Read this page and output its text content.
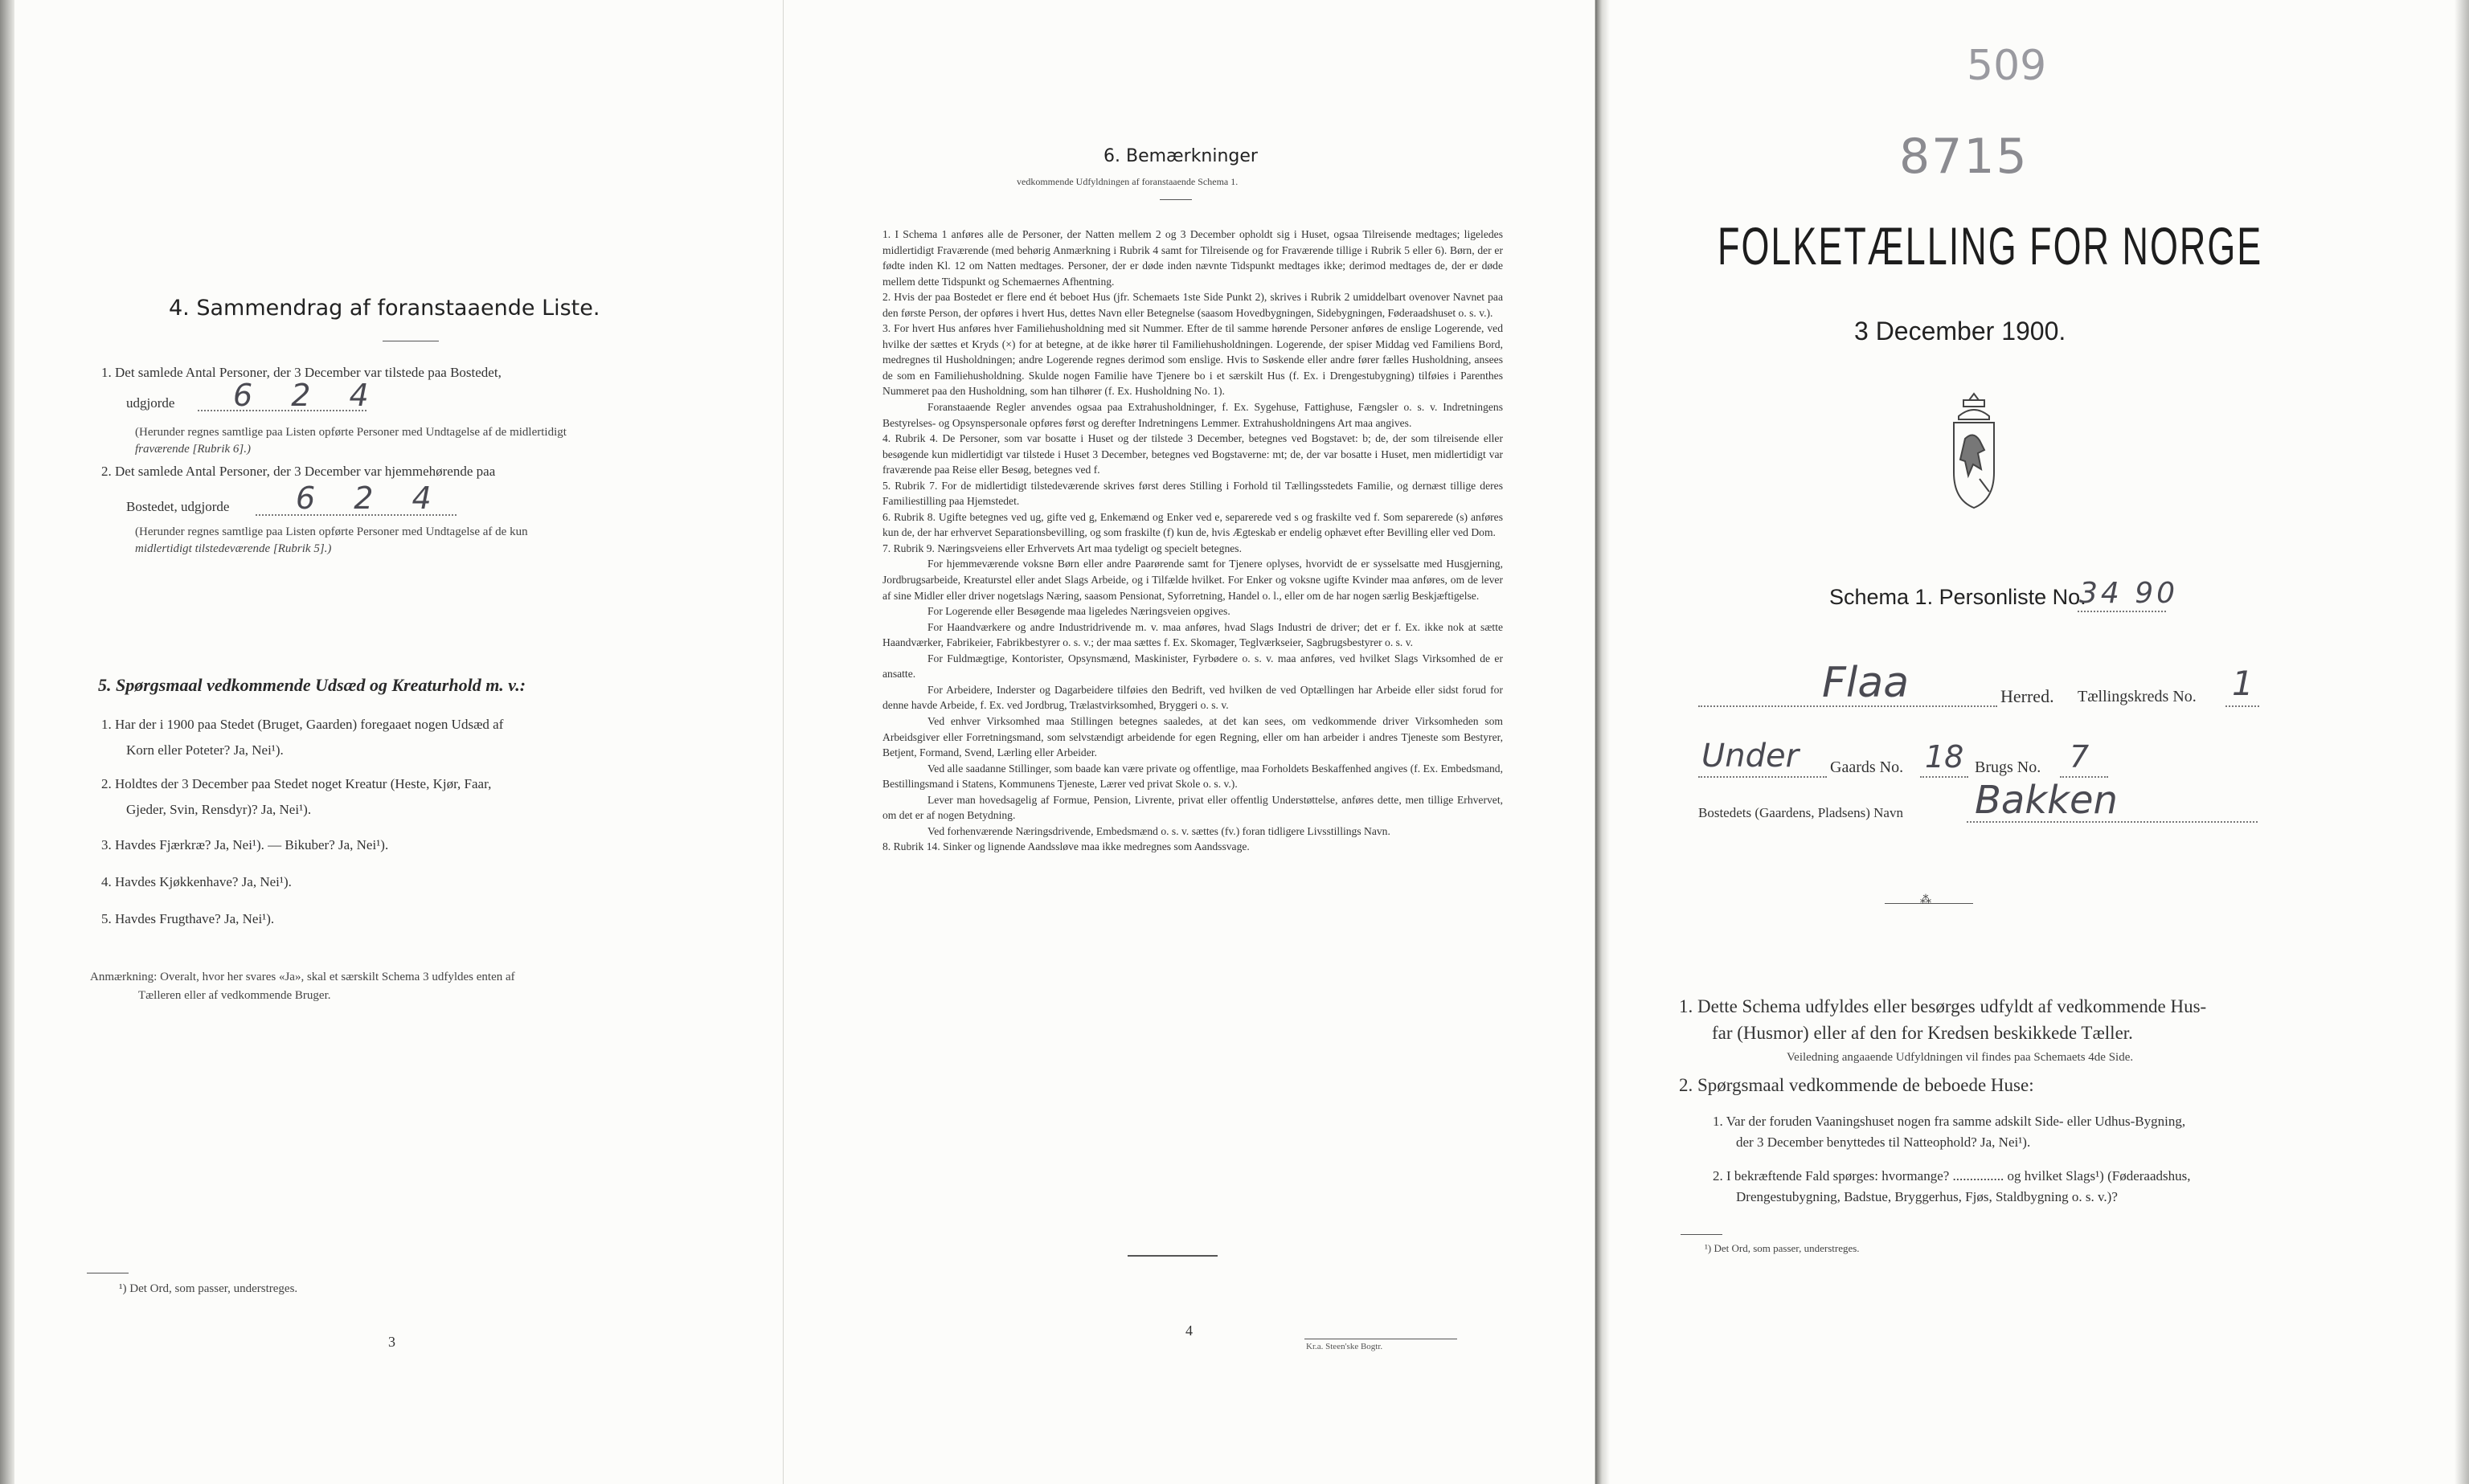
4. Sammendrag af foranstaaende Liste.
1. Det samlede Antal Personer, der 3 December var tilstede paa Bostedet,
udgjorde 6 2 4
(Herunder regnes samtlige paa Listen opførte Personer med Undtagelse af de midlertidigt
fraværende [Rubrik 6].)
2. Det samlede Antal Personer, der 3 December var hjemmehørende paa
Bostedet, udgjorde 6 2 4
(Herunder regnes samtlige paa Listen opførte Personer med Undtagelse af de kun
midlertidigt tilstedeværende [Rubrik 5].)
5. Spørgsmaal vedkommende Udsæd og Kreaturhold m. v.:
1. Har der i 1900 paa Stedet (Bruget, Gaarden) foregaaet nogen Udsæd af
Korn eller Poteter? Ja, Nei¹).
2. Holdtes der 3 December paa Stedet noget Kreatur (Heste, Kjør, Faar,
Gjeder, Svin, Rensdyr)? Ja, Nei¹).
3. Havdes Fjærkræ? Ja, Nei¹). — Bikuber? Ja, Nei¹).
4. Havdes Kjøkkenhave? Ja, Nei¹).
5. Havdes Frugthave? Ja, Nei¹).
Anmærkning: Overalt, hvor her svares «Ja», skal et særskilt Schema 3 udfyldes enten af
Tælleren eller af vedkommende Bruger.
¹) Det Ord, som passer, understreges.
3
6. Bemærkninger
vedkommende Udfyldningen af foranstaaende Schema 1.
4
Kr.a. Steen'ske Bogtr.

1. I Schema 1 anføres alle de Personer, der Natten mellem 2 og 3 December opholdt sig i Huset, ogsaa Tilreisende medtages; ligeledes midlertidigt Fraværende (med behørig Anmærkning i Rubrik 4 samt for Tilreisende og for Fraværende tillige i Rubrik 5 eller 6). Børn, der er fødte inden Kl. 12 om Natten medtages. Personer, der er døde inden nævnte Tidspunkt medtages ikke; derimod medtages de, der er døde mellem dette Tidspunkt og Schemaernes Afhentning.

2. Hvis der paa Bostedet er flere end ét beboet Hus (jfr. Schemaets 1ste Side Punkt 2), skrives i Rubrik 2 umiddelbart ovenover Navnet paa den første Person, der opføres i hvert Hus, dettes Navn eller Betegnelse (saasom Hovedbygningen, Sidebygningen, Føderaadshuset o. s. v.).

3. For hvert Hus anføres hver Familiehusholdning med sit Nummer. Efter de til samme hørende Personer anføres de enslige Logerende, ved hvilke der sættes et Kryds (×) for at betegne, at de ikke hører til Familiehusholdningen. Logerende, der spiser Middag ved Familiens Bord, medregnes til Husholdningen; andre Logerende regnes derimod som enslige. Hvis to Søskende eller andre fører fælles Husholdning, ansees de som en Familiehusholdning. Skulde nogen Familie have Tjenere bo i et særskilt Hus (f. Ex. i Drengestubygning) tilføies i Parenthes Nummeret paa den Husholdning, som han tilhører (f. Ex. Husholdning No. 1).

Foranstaaende Regler anvendes ogsaa paa Extrahusholdninger, f. Ex. Sygehuse, Fattighuse, Fængsler o. s. v. Indretningens Bestyrelses- og Opsynspersonale opføres først og derefter Indretningens Lemmer. Extrahusholdningens Art maa angives.

4. Rubrik 4. De Personer, som var bosatte i Huset og der tilstede 3 December, betegnes ved Bogstavet: b; de, der som tilreisende eller besøgende kun midlertidigt var tilstede i Huset 3 December, betegnes ved Bogstaverne: mt; de, der var bosatte i Huset, men midlertidigt var fraværende paa Reise eller Besøg, betegnes ved f.

5. Rubrik 7. For de midlertidigt tilstedeværende skrives først deres Stilling i Forhold til Tællingsstedets Familie, og dernæst tillige deres Familiestilling paa Hjemstedet.

6. Rubrik 8. Ugifte betegnes ved ug, gifte ved g, Enkemænd og Enker ved e, separerede ved s og fraskilte ved f. Som separerede (s) anføres kun de, der har erhvervet Separationsbevilling, og som fraskilte (f) kun de, hvis Ægteskab er endelig ophævet efter Bevilling eller ved Dom.

7. Rubrik 9. Næringsveiens eller Erhvervets Art maa tydeligt og specielt betegnes.

For hjemmeværende voksne Børn eller andre Paarørende samt for Tjenere oplyses, hvorvidt de er sysselsatte med Husgjerning, Jordbrugsarbeide, Kreaturstel eller andet Slags Arbeide, og i Tilfælde hvilket. For Enker og voksne ugifte Kvinder maa anføres, om de lever af sine Midler eller driver nogetslags Næring, saasom Pensionat, Syforretning, Handel o. l., eller om de har nogen særlig Beskjæftigelse.

For Logerende eller Besøgende maa ligeledes Næringsveien opgives.

For Haandværkere og andre Industridrivende m. v. maa anføres, hvad Slags Industri de driver; det er f. Ex. ikke nok at sætte Haandværker, Fabrikeier, Fabrikbestyrer o. s. v.; der maa sættes f. Ex. Skomager, Teglværkseier, Sagbrugsbestyrer o. s. v.

For Fuldmægtige, Kontorister, Opsynsmænd, Maskinister, Fyrbødere o. s. v. maa anføres, ved hvilket Slags Virksomhed de er ansatte.

For Arbeidere, Inderster og Dagarbeidere tilføies den Bedrift, ved hvilken de ved Optællingen har Arbeide eller sidst forud for denne havde Arbeide, f. Ex. ved Jordbrug, Trælastvirksomhed, Bryggeri o. s. v.

Ved enhver Virksomhed maa Stillingen betegnes saaledes, at det kan sees, om vedkommende driver Virksomheden som Arbeidsgiver eller Forretningsmand, som selvstændigt arbeidende for egen Regning, eller om han arbeider i andres Tjeneste som Bestyrer, Betjent, Formand, Svend, Lærling eller Arbeider.

Ved alle saadanne Stillinger, som baade kan være private og offentlige, maa Forholdets Beskaffenhed angives (f. Ex. Embedsmand, Bestillingsmand i Statens, Kommunens Tjeneste, Lærer ved privat Skole o. s. v.).

Lever man hovedsagelig af Formue, Pension, Livrente, privat eller offentlig Understøttelse, anføres dette, men tillige Erhvervet, om det er af nogen Betydning.

Ved forhenværende Næringsdrivende, Embedsmænd o. s. v. sættes (fv.) foran tidligere Livsstillings Navn.

8. Rubrik 14. Sinker og lignende Aandssløve maa ikke medregnes som Aandssvage.

509
8715
FOLKETÆLLING FOR NORGE
3 December 1900.
Schema 1. Personliste No.
34 90
Flaa	Herred. Tællingskreds No. 1
Under Gaards No. 18 Brugs No. 7
Bostedets (Gaardens, Pladsens) Navn Bakken
⁂
1. Dette Schema udfyldes eller besørges udfyldt af vedkommende Hus-
far (Husmor) eller af den for Kredsen beskikkede Tæller.
Veiledning angaaende Udfyldningen vil findes paa Schemaets 4de Side.
2. Spørgsmaal vedkommende de beboede Huse:
1. Var der foruden Vaaningshuset nogen fra samme adskilt Side- eller Udhus-Bygning,
der 3 December benyttedes til Natteophold? Ja, Nei¹).
2. I bekræftende Fald spørges: hvormange? ............... og hvilket Slags¹) (Føderaadshus,
Drengestubygning, Badstue, Bryggerhus, Fjøs, Staldbygning o. s. v.)?
¹) Det Ord, som passer, understreges.
